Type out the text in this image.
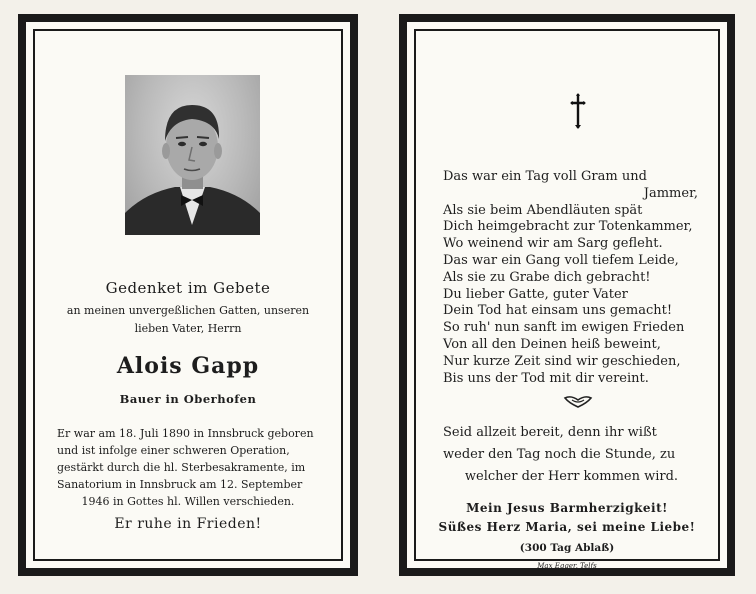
Gedenket im Gebete
an meinen unvergeßlichen Gatten, unseren
lieben Vater, Herrn
Alois Gapp
Bauer in Oberhofen
Er war am 18. Juli 1890 in Innsbruck geboren
und ist infolge einer schweren Operation,
gestärkt durch die hl. Sterbesakramente, im
Sanatorium in Innsbruck am 12. September
1946 in Gottes hl. Willen verschieden.
Er ruhe in Frieden!
Das war ein Tag voll Gram und
Jammer,
Als sie beim Abendläuten spät
Dich heimgebracht zur Totenkammer,
Wo weinend wir am Sarg gefleht.
Das war ein Gang voll tiefem Leide,
Als sie zu Grabe dich gebracht!
Du lieber Gatte, guter Vater
Dein Tod hat einsam uns gemacht!
So ruh' nun sanft im ewigen Frieden
Von all den Deinen heiß beweint,
Nur kurze Zeit sind wir geschieden,
Bis uns der Tod mit dir vereint.
Seid allzeit bereit, denn ihr wißt
weder den Tag noch die Stunde, zu
welcher der Herr kommen wird.
Mein Jesus Barmherzigkeit!
Süßes Herz Maria, sei meine Liebe!
(300 Tag Ablaß)
Max Egger, Telfs
